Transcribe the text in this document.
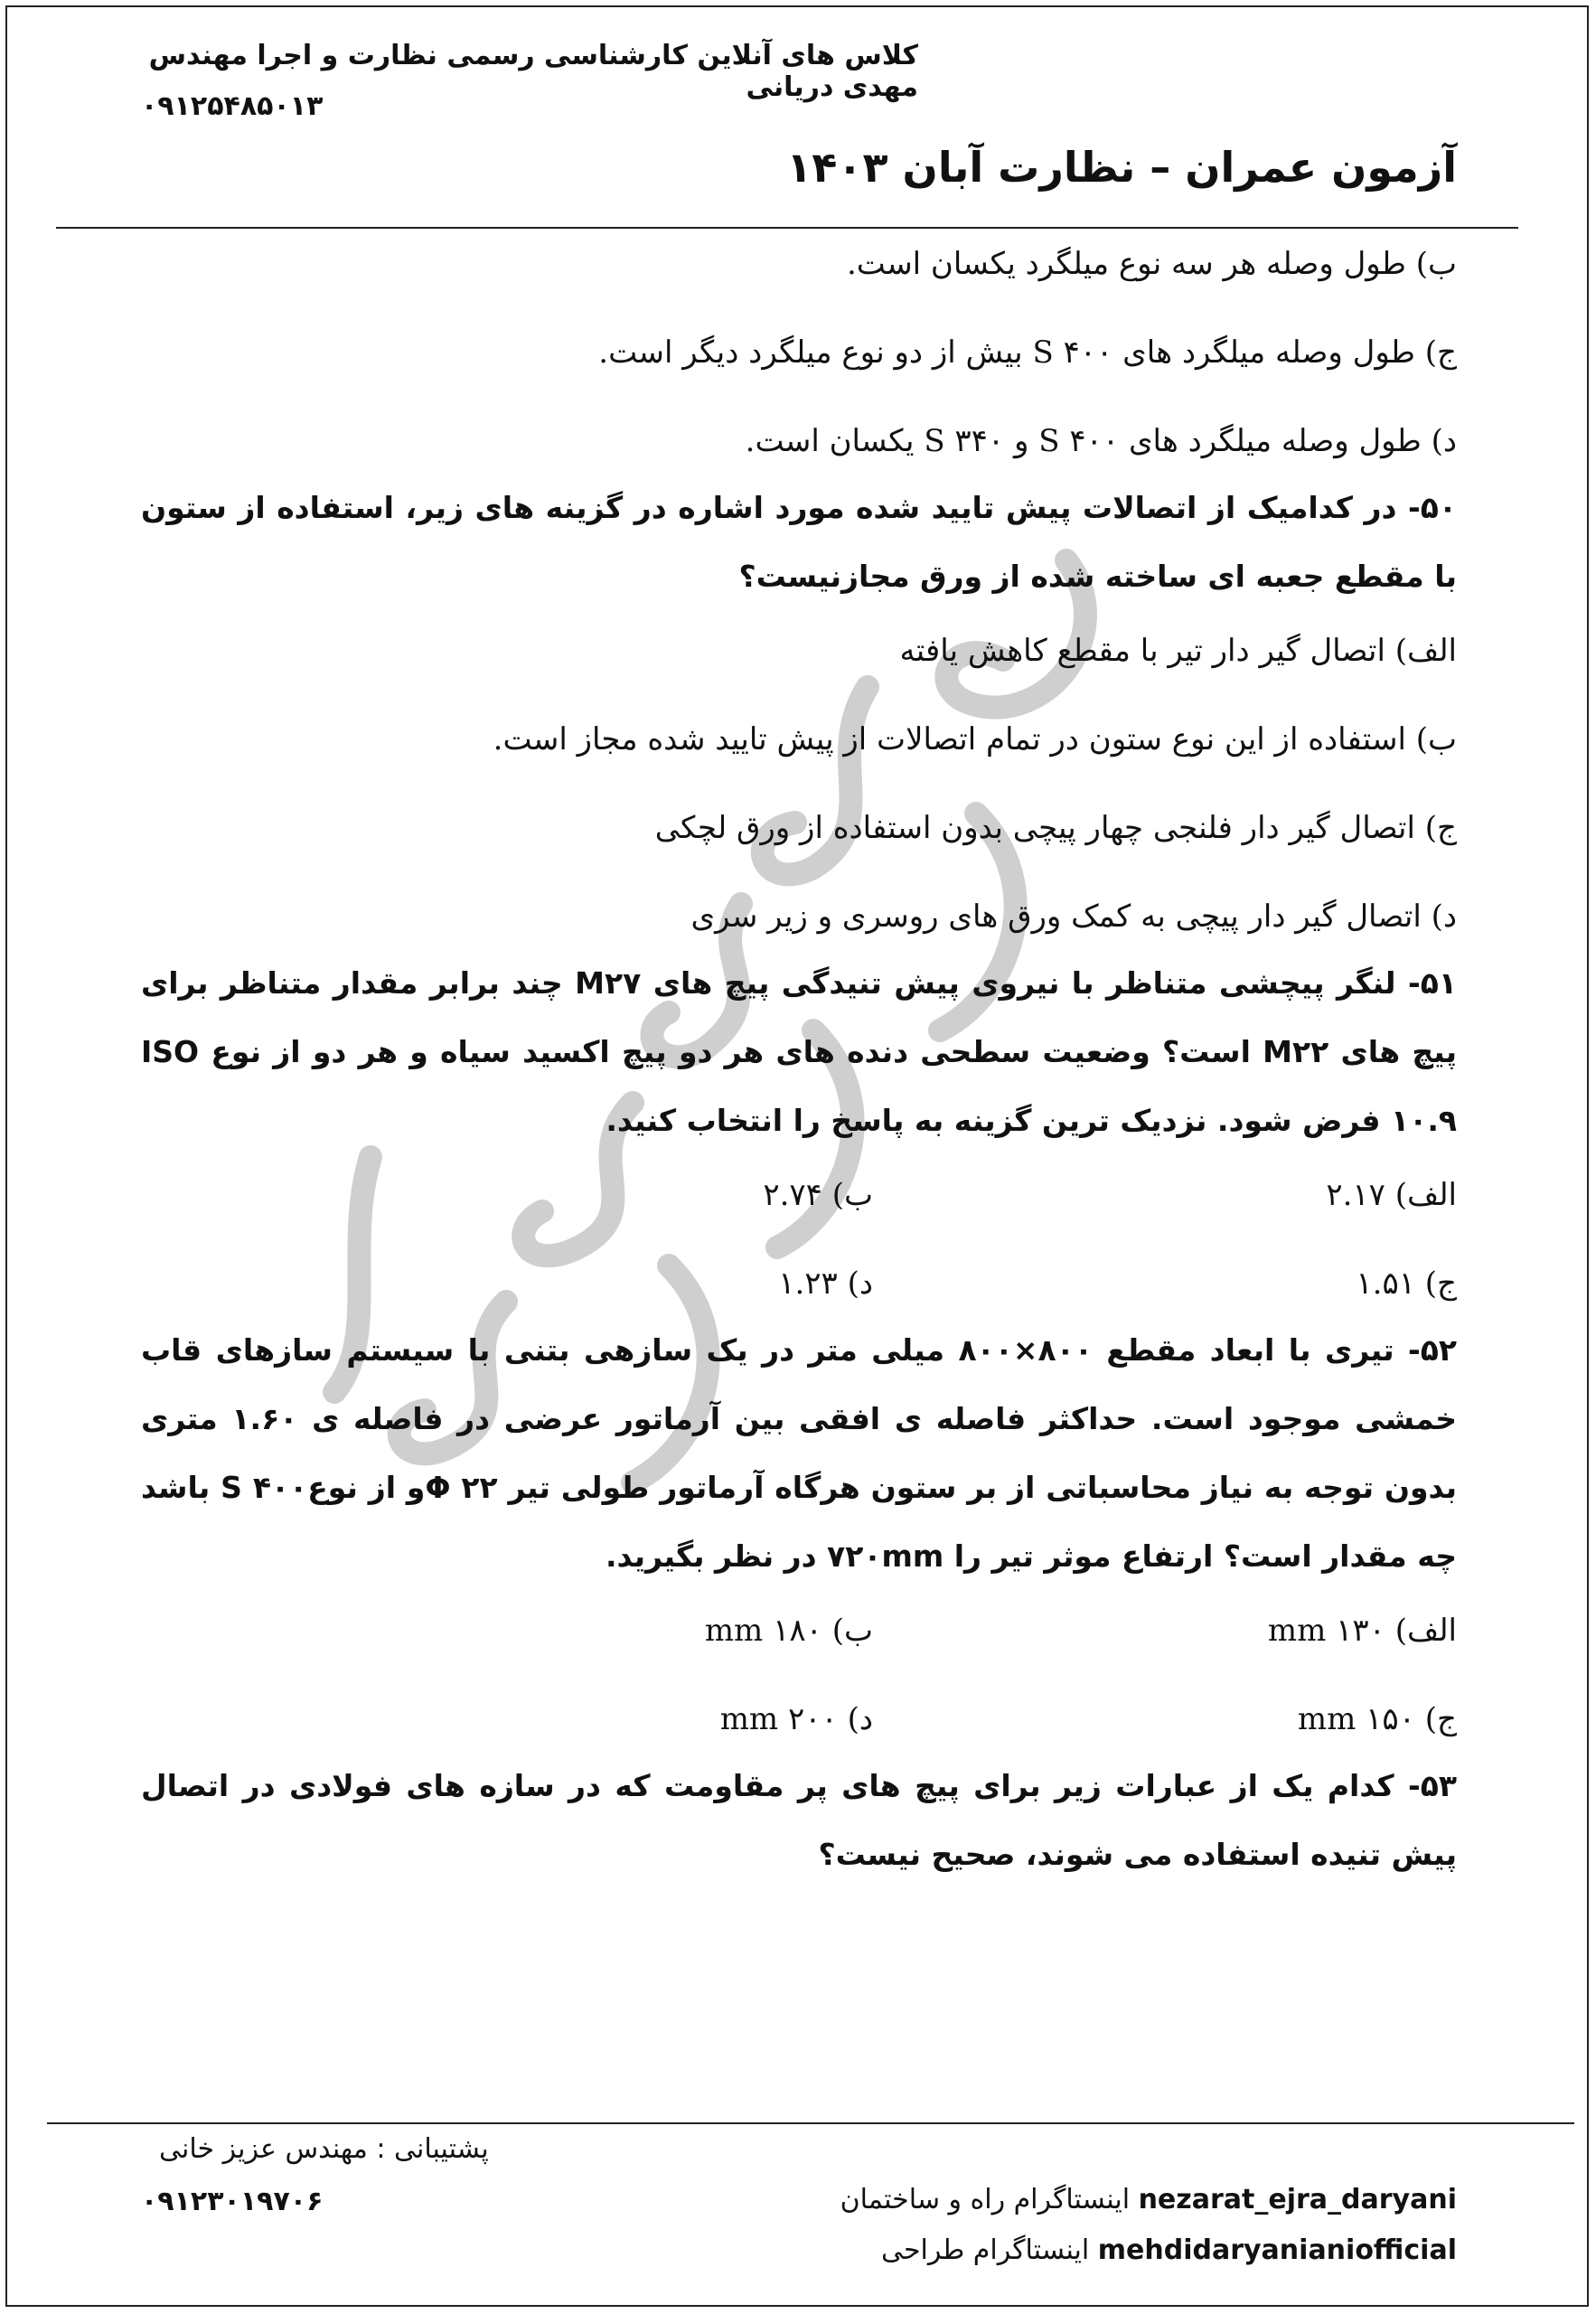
کلاس های آنلاین کارشناسی رسمی نظارت و اجرا مهندس مهدی دریانی
۰۹۱۲۵۴۸۵۰۱۳
آزمون عمران – نظارت آبان ۱۴۰۳
ب) طول وصله هر سه نوع میلگرد یکسان است.
ج) طول وصله میلگرد های S ۴۰۰ بیش از دو نوع میلگرد دیگر است.
د) طول وصله میلگرد های S ۴۰۰ و S ۳۴۰ یکسان است.
۵۰- در کدامیک از اتصالات پیش تایید شده مورد اشاره در گزینه های زیر، استفاده از ستون با مقطع جعبه ای ساخته شده از ورق مجازنیست؟
الف) اتصال گیر دار تیر با مقطع کاهش یافته
ب) استفاده از این نوع ستون در تمام اتصالات از پیش تایید شده مجاز است.
ج) اتصال گیر دار فلنجی چهار پیچی بدون استفاده از ورق لچکی
د) اتصال گیر دار پیچی به کمک ورق های روسری و زیر سری
۵۱- لنگر پیچشی متناظر با نیروی پیش تنیدگی پیچ های M۲۷ چند برابر مقدار متناظر برای پیچ های M۲۲ است؟ وضعیت سطحی دنده های هر دو پیچ اکسید سیاه و هر دو از نوع ISO ۱۰.۹ فرض شود. نزدیک ترین گزینه به پاسخ را انتخاب کنید.
الف) ۲.۱۷
ب) ۲.۷۴
ج) ۱.۵۱
د) ۱.۲۳
۵۲- تیری با ابعاد مقطع ۸۰۰×۸۰۰ میلی متر در یک سازهی بتنی با سیستم سازهای قاب خمشی موجود است. حداکثر فاصله ی افقی بین آرماتور عرضی در فاصله ی ۱.۶۰ متری بدون توجه به نیاز محاسباتی از بر ستون هرگاه آرماتور طولی تیر ۲۲ Φو از نوع۴۰۰ S باشد چه مقدار است؟ ارتفاع موثر تیر را ۷۲۰mm در نظر بگیرید.
الف) ۱۳۰ mm
ب) ۱۸۰ mm
ج) ۱۵۰ mm
د) ۲۰۰ mm
۵۳- کدام یک از عبارات زیر برای پیچ های پر مقاومت که در سازه های فولادی در اتصال پیش تنیده استفاده می شوند، صحیح نیست؟
پشتیبانی : مهندس عزیز خانی
۰۹۱۲۳۰۱۹۷۰۶	nezarat_ejra_daryani اینستاگرام راه و ساختمان
mehdidaryanianiofficial اینستاگرام طراحی
